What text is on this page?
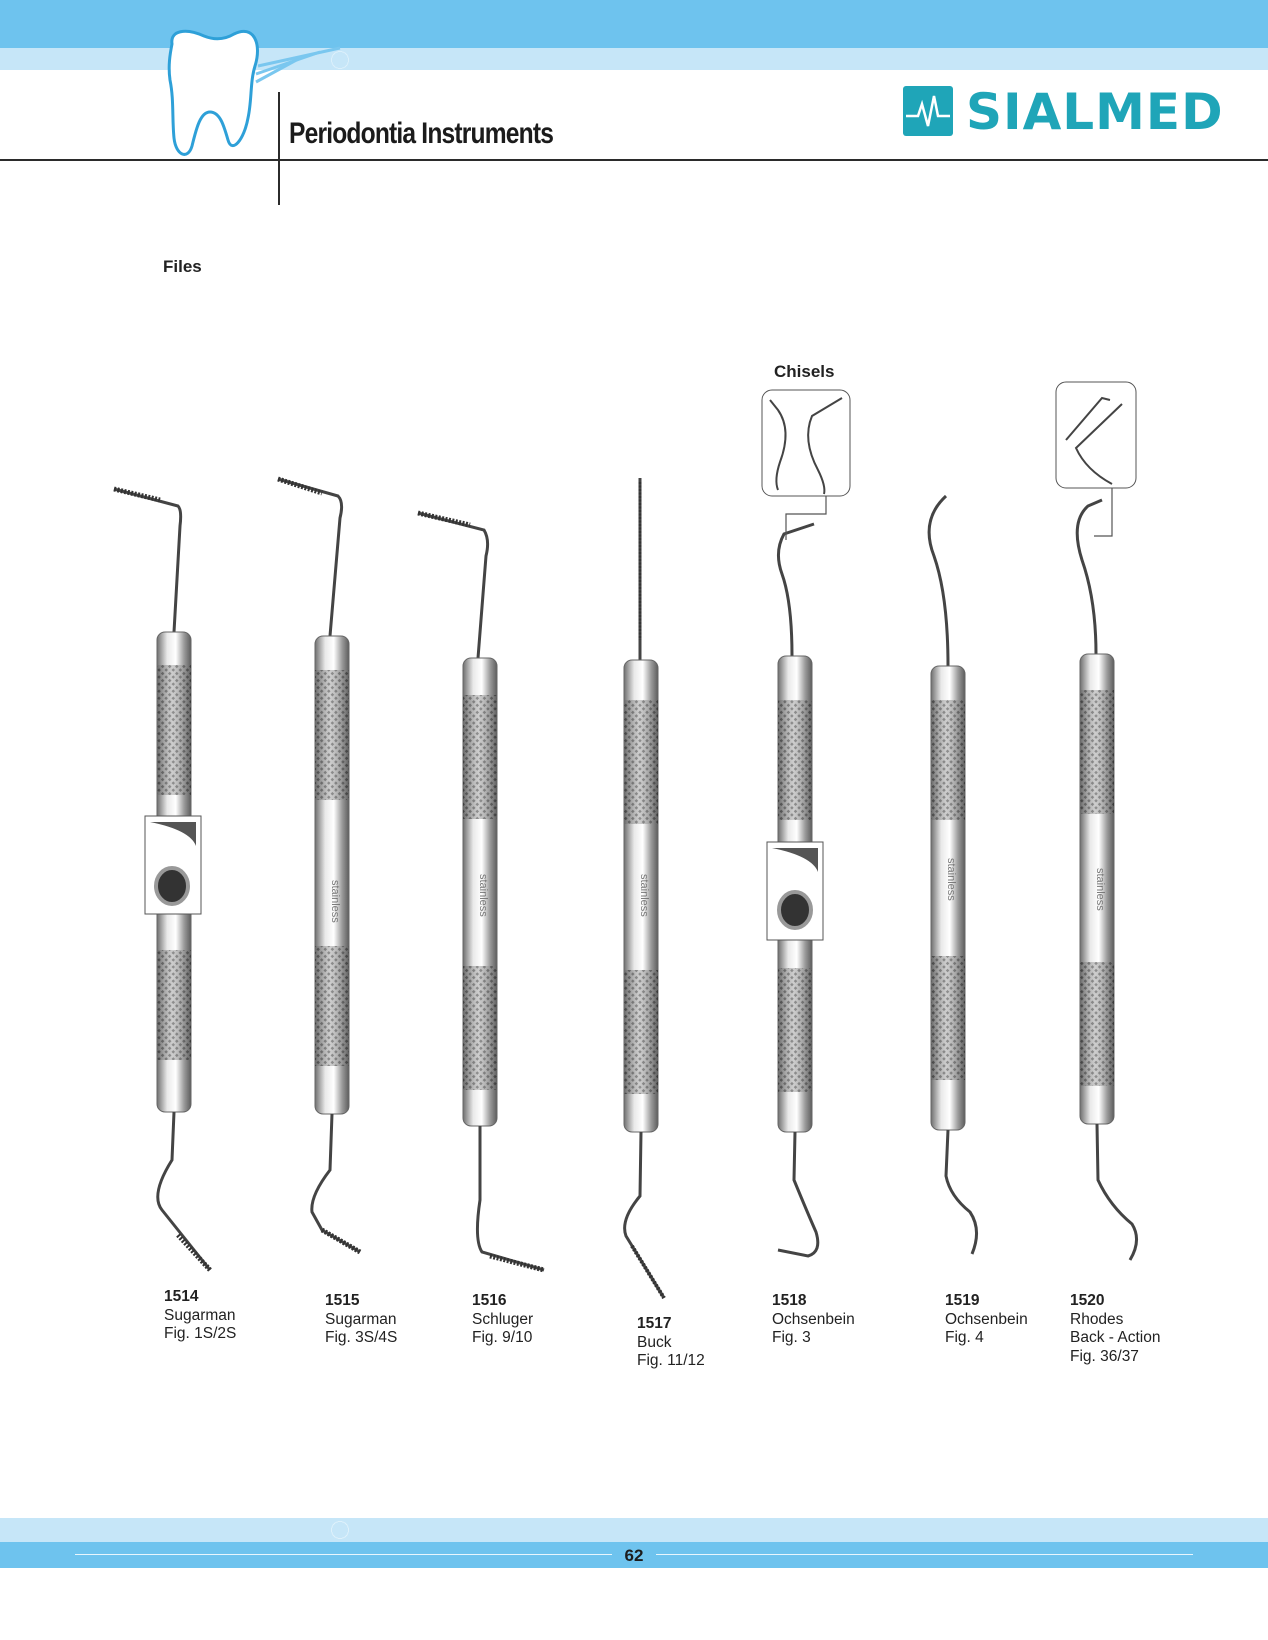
Periodontia Instruments	SIALMED
Files
Chisels
stainless	stainless	stainless	stainless	stainless
1514
Sugarman
Fig. 1S/2S
1515
Sugarman
Fig. 3S/4S
1516
Schluger
Fig. 9/10
1517
Buck
Fig. 11/12
1518
Ochsenbein
Fig. 3
1519
Ochsenbein
Fig. 4
1520
Rhodes
Back - Action
Fig. 36/37
62
